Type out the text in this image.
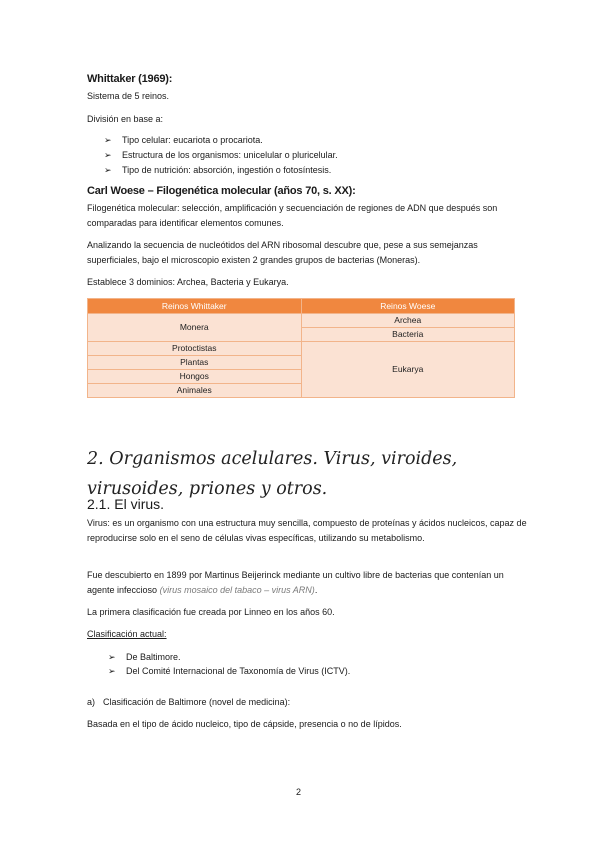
Whittaker (1969):
Sistema de 5 reinos.
División en base a:
➢ Tipo celular: eucariota o procariota.
➢ Estructura de los organismos: unicelular o pluricelular.
➢ Tipo de nutrición: absorción, ingestión o fotosíntesis.
Carl Woese – Filogenética molecular (años 70, s. XX):
Filogenética molecular: selección, amplificación y secuenciación de regiones de ADN que después son comparadas para identificar elementos comunes.
Analizando la secuencia de nucleótidos del ARN ribosomal descubre que, pese a sus semejanzas superficiales, bajo el microscopio existen 2 grandes grupos de bacterias (Moneras).
Establece 3 dominios: Archea, Bacteria y Eukarya.
Reinos Whittaker	Reinos Woese
Monera	Archea
	Bacteria
Protoctistas	Eukarya
Plantas	
Hongos	
Animales	
2. Organismos acelulares. Virus, viroides, virusoides, priones y otros.
2.1. El virus.
Virus: es un organismo con una estructura muy sencilla, compuesto de proteínas y ácidos nucleicos, capaz de reproducirse solo en el seno de células vivas específicas, utilizando su metabolismo.
Fue descubierto en 1899 por Martinus Beijerinck mediante un cultivo libre de bacterias que contenían un agente infeccioso (virus mosaico del tabaco – virus ARN).
La primera clasificación fue creada por Linneo en los años 60.
Clasificación actual:
➢ De Baltimore.
➢ Del Comité Internacional de Taxonomía de Virus (ICTV).
a) Clasificación de Baltimore (novel de medicina):
Basada en el tipo de ácido nucleico, tipo de cápside, presencia o no de lípidos.
2
